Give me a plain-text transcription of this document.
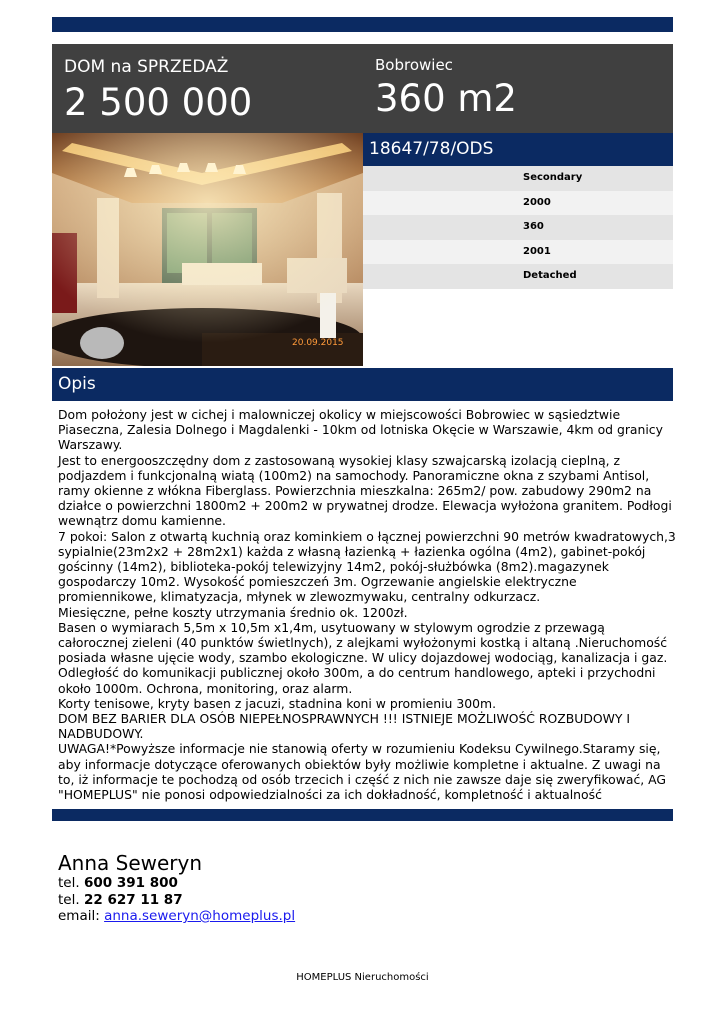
DOM na SPRZEDAŻ
2 500 000
Bobrowiec
360 m2
20.09.2015
18647/78/ODS
Secondary
2000
360
2001
Detached
Opis
Dom położony jest w cichej i malowniczej okolicy w miejscowości Bobrowiec w sąsiedztwie
Piaseczna, Zalesia Dolnego i Magdalenki - 10km od lotniska Okęcie w Warszawie, 4km od granicy
Warszawy.
Jest to energooszczędny dom z zastosowaną wysokiej klasy szwajcarską izolacją cieplną, z
podjazdem i funkcjonalną wiatą (100m2) na samochody. Panoramiczne okna z szybami Antisol,
ramy okienne z włókna Fiberglass. Powierzchnia mieszkalna: 265m2/ pow. zabudowy 290m2 na
działce o powierzchni 1800m2 + 200m2 w prywatnej drodze. Elewacja wyłożona granitem. Podłogi
wewnątrz domu kamienne.
7 pokoi: Salon z otwartą kuchnią oraz kominkiem o łącznej powierzchni 90 metrów kwadratowych,3
sypialnie(23m2x2 + 28m2x1) każda z własną łazienką + łazienka ogólna (4m2), gabinet-pokój
gościnny (14m2), biblioteka-pokój telewizyjny 14m2, pokój-służbówka (8m2).magazynek
gospodarczy 10m2. Wysokość pomieszczeń 3m. Ogrzewanie angielskie elektryczne
promiennikowe, klimatyzacja, młynek w zlewozmywaku, centralny odkurzacz.
Miesięczne, pełne koszty utrzymania średnio ok. 1200zł.
Basen o wymiarach 5,5m x 10,5m x1,4m, usytuowany w stylowym ogrodzie z przewagą
całorocznej zieleni (40 punktów świetlnych), z alejkami wyłożonymi kostką i altaną .Nieruchomość
posiada własne ujęcie wody, szambo ekologiczne. W ulicy dojazdowej wodociąg, kanalizacja i gaz.
Odległość do komunikacji publicznej około 300m, a do centrum handlowego, apteki i przychodni
około 1000m. Ochrona, monitoring, oraz alarm.
Korty tenisowe, kryty basen z jacuzi, stadnina koni w promieniu 300m.
DOM BEZ BARIER DLA OSÓB NIEPEŁNOSPRAWNYCH !!! ISTNIEJE MOŻLIWOŚĆ ROZBUDOWY I
NADBUDOWY.
UWAGA!*Powyższe informacje nie stanowią oferty w rozumieniu Kodeksu Cywilnego.Staramy się,
aby informacje dotyczące oferowanych obiektów były możliwie kompletne i aktualne. Z uwagi na
to, iż informacje te pochodzą od osób trzecich i część z nich nie zawsze daje się zweryfikować, AG
"HOMEPLUS" nie ponosi odpowiedzialności za ich dokładność, kompletność i aktualność
Anna Seweryn
tel. 600 391 800
tel. 22 627 11 87
email: anna.seweryn@homeplus.pl
HOMEPLUS Nieruchomości
